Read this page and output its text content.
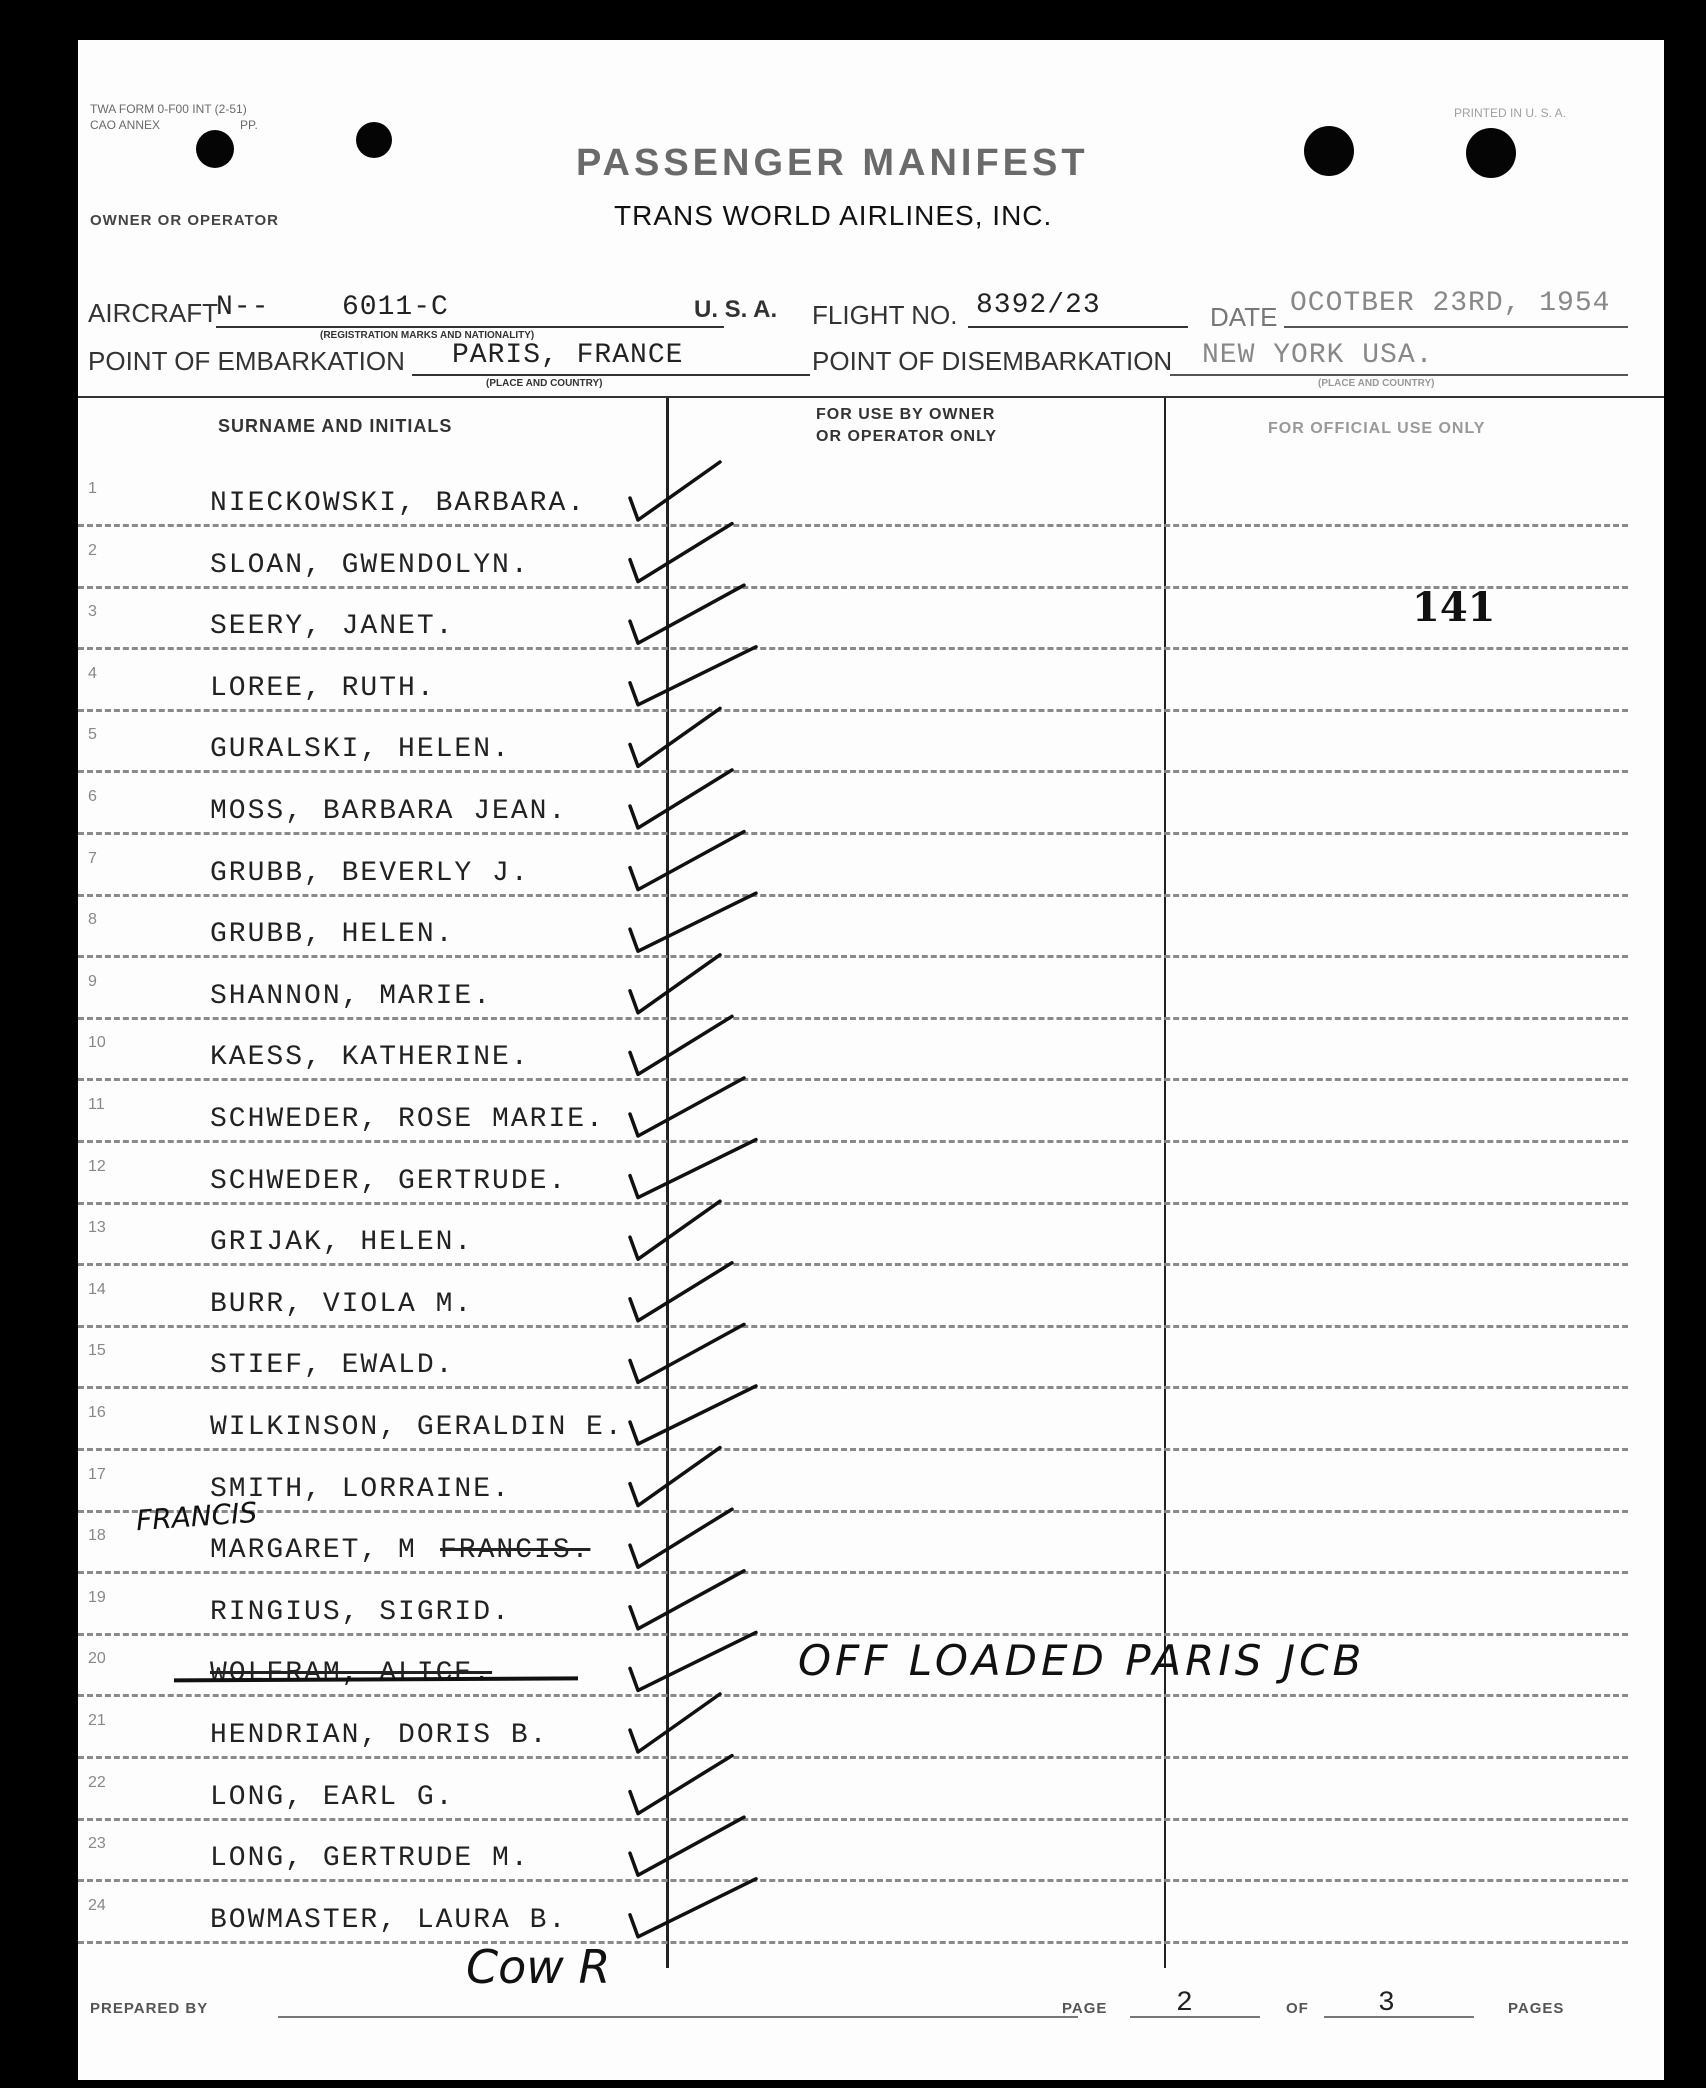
TWA FORM 0-F00 INT (2-51)
CAO ANNEX	PP.
PRINTED IN U. S. A.
OWNER OR OPERATOR
PASSENGER MANIFEST
TRANS WORLD AIRLINES, INC.
AIRCRAFT
N--	6011-C
(REGISTRATION MARKS AND NATIONALITY)
U. S. A. FLIGHT NO. 8392/23	DATE OCOTBER 23RD, 1954
POINT OF EMBARKATION PARIS, FRANCE
(PLACE AND COUNTRY)
POINT OF DISEMBARKATION NEW YORK USA.
(PLACE AND COUNTRY)
SURNAME AND INITIALS
FOR USE BY OWNER
OR OPERATOR ONLY	FOR OFFICIAL USE ONLY
1	NIECKOWSKI, BARBARA.
2	SLOAN, GWENDOLYN.
3	SEERY, JANET.
4	LOREE, RUTH.
5	GURALSKI, HELEN.
6	MOSS, BARBARA JEAN.
7	GRUBB, BEVERLY J.
8	GRUBB, HELEN.
9	SHANNON, MARIE.
10	KAESS, KATHERINE.
11	SCHWEDER, ROSE MARIE.
12	SCHWEDER, GERTRUDE.
13	GRIJAK, HELEN.
14	BURR, VIOLA M.
15	STIEF, EWALD.
16	WILKINSON, GERALDIN E.
17	SMITH, LORRAINE.
18	MARGARET, M FRANCIS.
19	RINGIUS, SIGRID.
20	WOLFRAM, ALICE.
21	HENDRIAN, DORIS B.
22	LONG, EARL G.
23	LONG, GERTRUDE M.
24	BOWMASTER, LAURA B.
FRANCIS
OFF LOADED PARIS JCB
141
Cow R
PREPARED BY	PAGE 2	OF 3	PAGES
